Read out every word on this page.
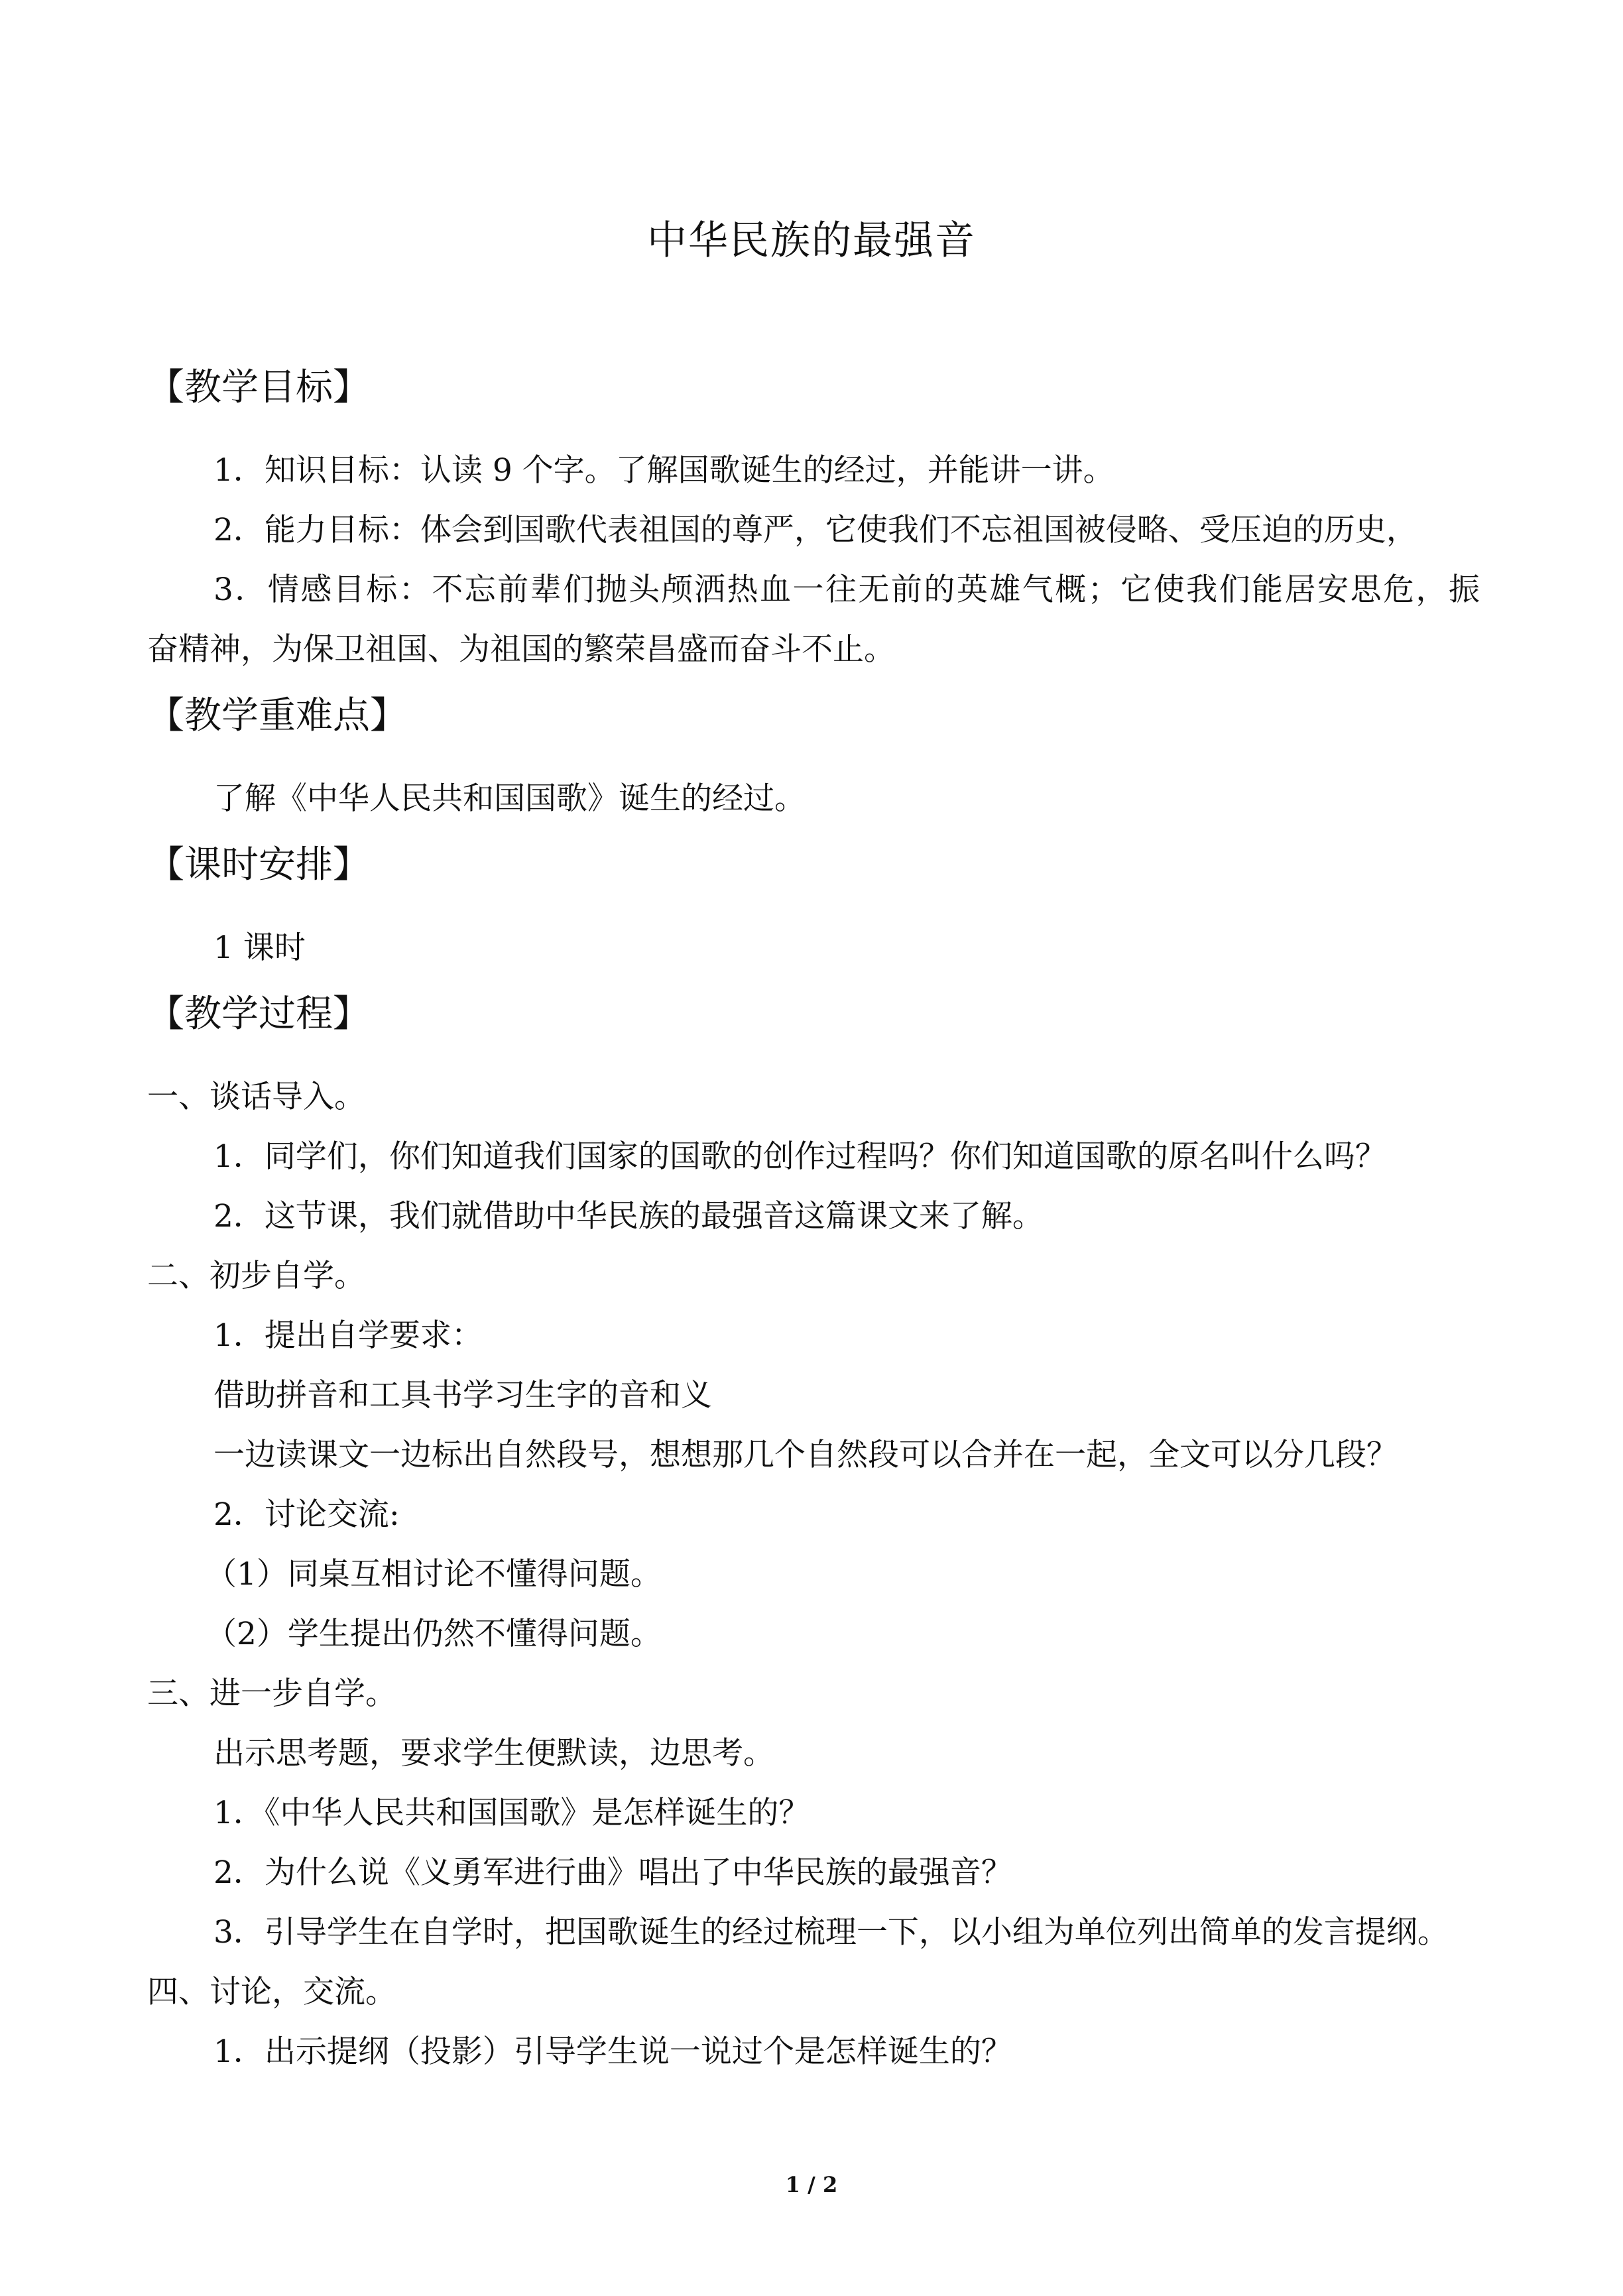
中华民族的最强音
【教学目标】
1．知识目标：认读 9 个字。了解国歌诞生的经过，并能讲一讲。
2．能力目标：体会到国歌代表祖国的尊严，它使我们不忘祖国被侵略、受压迫的历史，
3．情感目标：不忘前辈们抛头颅洒热血一往无前的英雄气概；它使我们能居安思危，振
奋精神，为保卫祖国、为祖国的繁荣昌盛而奋斗不止。
【教学重难点】
了解《中华人民共和国国歌》诞生的经过。
【课时安排】
1 课时
【教学过程】
一、谈话导入。
1．同学们，你们知道我们国家的国歌的创作过程吗？你们知道国歌的原名叫什么吗？
2．这节课，我们就借助中华民族的最强音这篇课文来了解。
二、初步自学。
1．提出自学要求：
借助拼音和工具书学习生字的音和义
一边读课文一边标出自然段号，想想那几个自然段可以合并在一起，全文可以分几段？
2．讨论交流:
（1）同桌互相讨论不懂得问题。
（2）学生提出仍然不懂得问题。
三、进一步自学。
出示思考题，要求学生便默读，边思考。
1．《中华人民共和国国歌》是怎样诞生的？
2．为什么说《义勇军进行曲》唱出了中华民族的最强音？
3．引导学生在自学时，把国歌诞生的经过梳理一下，以小组为单位列出简单的发言提纲。
四、讨论，交流。
1．出示提纲（投影）引导学生说一说过个是怎样诞生的？
1 / 2
